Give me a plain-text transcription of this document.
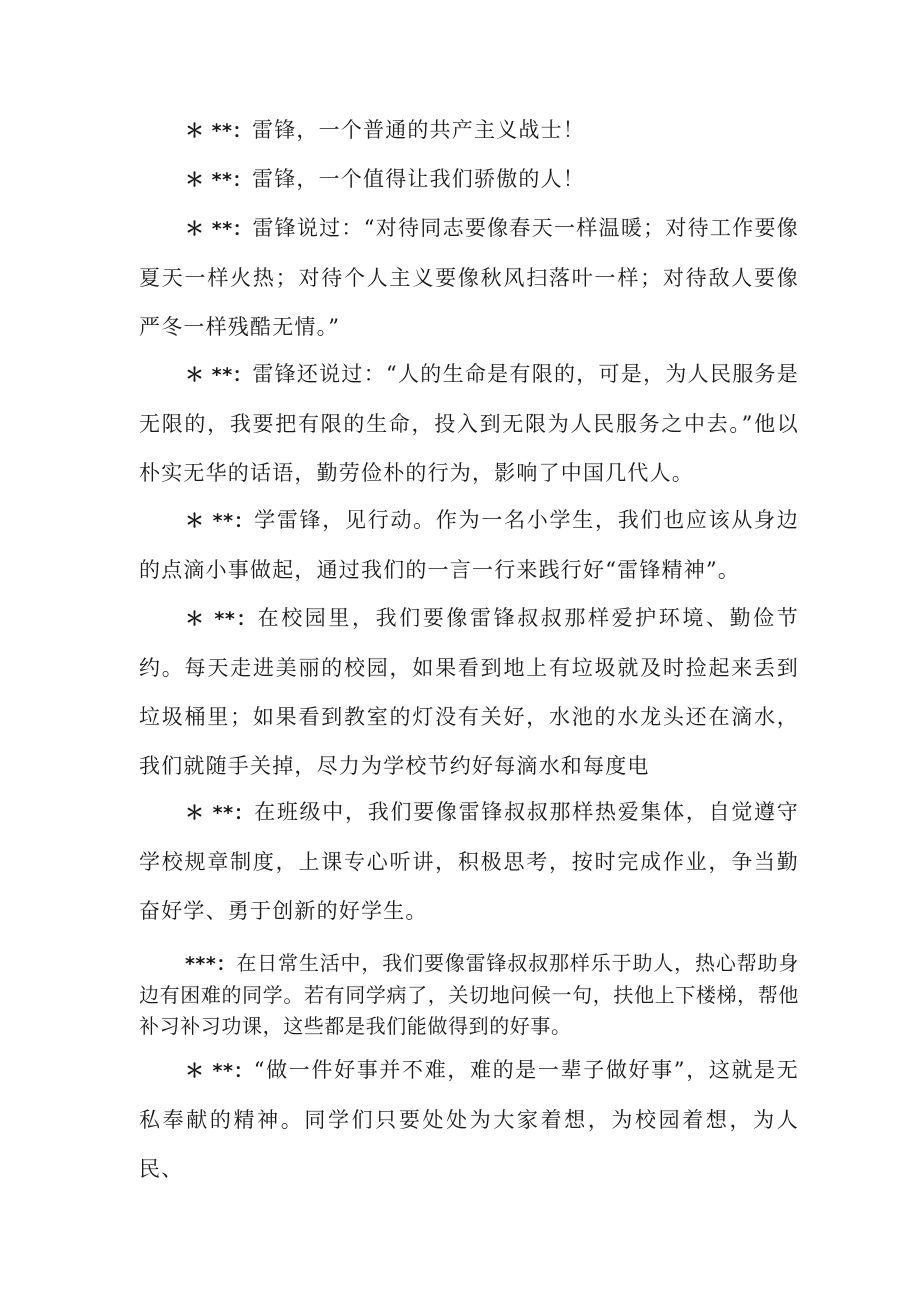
＊ **：雷锋，一个普通的共产主义战士！

＊ **：雷锋，一个值得让我们骄傲的人！

＊ **：雷锋说过：“对待同志要像春天一样温暖；对待工作要像夏天一样火热；对待个人主义要像秋风扫落叶一样；对待敌人要像严冬一样残酷无情。”

＊ **：雷锋还说过：“人的生命是有限的，可是，为人民服务是无限的，我要把有限的生命，投入到无限为人民服务之中去。”他以朴实无华的话语，勤劳俭朴的行为，影响了中国几代人。

＊ **：学雷锋，见行动。作为一名小学生，我们也应该从身边的点滴小事做起，通过我们的一言一行来践行好“雷锋精神”。

＊ **：在校园里，我们要像雷锋叔叔那样爱护环境、勤俭节约。每天走进美丽的校园，如果看到地上有垃圾就及时捡起来丢到垃圾桶里；如果看到教室的灯没有关好，水池的水龙头还在滴水，我们就随手关掉，尽力为学校节约好每滴水和每度电

＊ **：在班级中，我们要像雷锋叔叔那样热爱集体，自觉遵守学校规章制度，上课专心听讲，积极思考，按时完成作业，争当勤奋好学、勇于创新的好学生。

***：在日常生活中，我们要像雷锋叔叔那样乐于助人，热心帮助身边有困难的同学。若有同学病了，关切地问候一句，扶他上下楼梯，帮他补习补习功课，这些都是我们能做得到的好事。

＊ **：“做一件好事并不难，难的是一辈子做好事”，这就是无私奉献的精神。同学们只要处处为大家着想，为校园着想，为人民、
